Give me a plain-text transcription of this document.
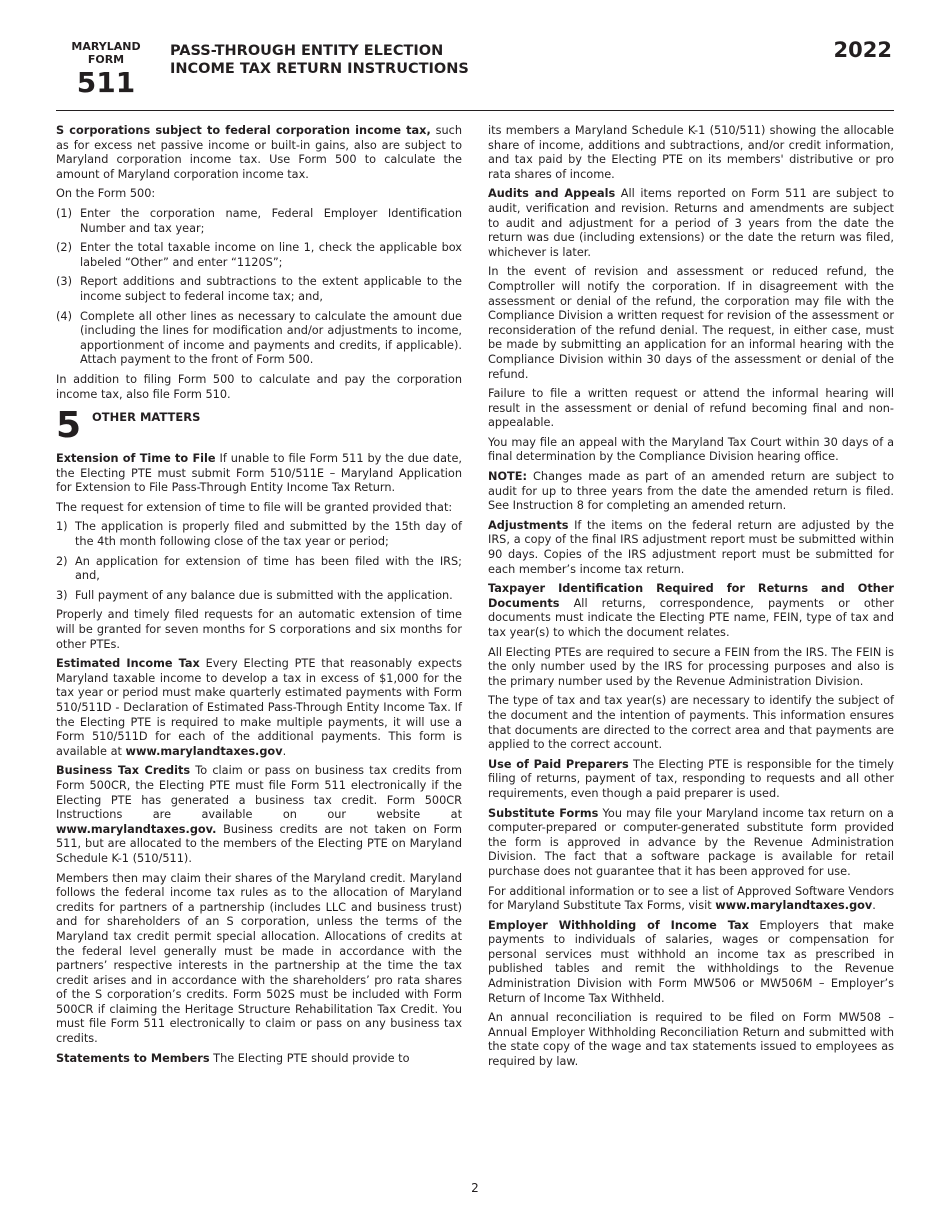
MARYLAND
FORM
511
PASS-THROUGH ENTITY ELECTION
INCOME TAX RETURN INSTRUCTIONS
2022

S corporations subject to federal corporation income tax, such as for excess net passive income or built-in gains, also are subject to Maryland corporation income tax. Use Form 500 to calculate the amount of Maryland corporation income tax.

On the Form 500:

(1) Enter the corporation name, Federal Employer Identification Number and tax year;
(2) Enter the total taxable income on line 1, check the applicable box labeled “Other” and enter “1120S”;
(3) Report additions and subtractions to the extent applicable to the income subject to federal income tax; and,
(4) Complete all other lines as necessary to calculate the amount due (including the lines for modification and/or adjustments to income, apportionment of income and payments and credits, if applicable). Attach payment to the front of Form 500.

In addition to filing Form 500 to calculate and pay the corporation income tax, also file Form 510.

5 OTHER MATTERS

Extension of Time to File If unable to file Form 511 by the due date, the Electing PTE must submit Form 510/511E – Maryland Application for Extension to File Pass-Through Entity Income Tax Return.

The request for extension of time to file will be granted provided that:

1) The application is properly filed and submitted by the 15th day of the 4th month following close of the tax year or period;
2) An application for extension of time has been filed with the IRS; and,
3) Full payment of any balance due is submitted with the application.

Properly and timely filed requests for an automatic extension of time will be granted for seven months for S corporations and six months for other PTEs.

Estimated Income Tax Every Electing PTE that reasonably expects Maryland taxable income to develop a tax in excess of $1,000 for the tax year or period must make quarterly estimated payments with Form 510/511D - Declaration of Estimated Pass-Through Entity Income Tax. If the Electing PTE is required to make multiple payments, it will use a Form 510/511D for each of the additional payments. This form is available at www.marylandtaxes.gov.

Business Tax Credits To claim or pass on business tax credits from Form 500CR, the Electing PTE must file Form 511 electronically if the Electing PTE has generated a business tax credit. Form 500CR Instructions are available on our website at www.marylandtaxes.gov. Business credits are not taken on Form 511, but are allocated to the members of the Electing PTE on Maryland Schedule K-1 (510/511).

Members then may claim their shares of the Maryland credit. Maryland follows the federal income tax rules as to the allocation of Maryland credits for partners of a partnership (includes LLC and business trust) and for shareholders of an S corporation, unless the terms of the Maryland tax credit permit special allocation. Allocations of credits at the federal level generally must be made in accordance with the partners’ respective interests in the partnership at the time the tax credit arises and in accordance with the shareholders’ pro rata shares of the S corporation’s credits. Form 502S must be included with Form 500CR if claiming the Heritage Structure Rehabilitation Tax Credit. You must file Form 511 electronically to claim or pass on any business tax credits.

Statements to Members The Electing PTE should provide to

its members a Maryland Schedule K-1 (510/511) showing the allocable share of income, additions and subtractions, and/or credit information, and tax paid by the Electing PTE on its members' distributive or pro rata shares of income.

Audits and Appeals All items reported on Form 511 are subject to audit, verification and revision. Returns and amendments are subject to audit and adjustment for a period of 3 years from the date the return was due (including extensions) or the date the return was filed, whichever is later.

In the event of revision and assessment or reduced refund, the Comptroller will notify the corporation. If in disagreement with the assessment or denial of the refund, the corporation may file with the Compliance Division a written request for revision of the assessment or reconsideration of the refund denial. The request, in either case, must be made by submitting an application for an informal hearing with the Compliance Division within 30 days of the assessment or denial of the refund.

Failure to file a written request or attend the informal hearing will result in the assessment or denial of refund becoming final and non-appealable.

You may file an appeal with the Maryland Tax Court within 30 days of a final determination by the Compliance Division hearing office.

NOTE: Changes made as part of an amended return are subject to audit for up to three years from the date the amended return is filed. See Instruction 8 for completing an amended return.

Adjustments If the items on the federal return are adjusted by the IRS, a copy of the final IRS adjustment report must be submitted within 90 days. Copies of the IRS adjustment report must be submitted for each member’s income tax return.

Taxpayer Identification Required for Returns and Other Documents All returns, correspondence, payments or other documents must indicate the Electing PTE name, FEIN, type of tax and tax year(s) to which the document relates.

All Electing PTEs are required to secure a FEIN from the IRS. The FEIN is the only number used by the IRS for processing purposes and also is the primary number used by the Revenue Administration Division.

The type of tax and tax year(s) are necessary to identify the subject of the document and the intention of payments. This information ensures that documents are directed to the correct area and that payments are applied to the correct account.

Use of Paid Preparers The Electing PTE is responsible for the timely filing of returns, payment of tax, responding to requests and all other requirements, even though a paid preparer is used.

Substitute Forms You may file your Maryland income tax return on a computer-prepared or computer-generated substitute form provided the form is approved in advance by the Revenue Administration Division. The fact that a software package is available for retail purchase does not guarantee that it has been approved for use.

For additional information or to see a list of Approved Software Vendors for Maryland Substitute Tax Forms, visit www.marylandtaxes.gov.

Employer Withholding of Income Tax Employers that make payments to individuals of salaries, wages or compensation for personal services must withhold an income tax as prescribed in published tables and remit the withholdings to the Revenue Administration Division with Form MW506 or MW506M – Employer’s Return of Income Tax Withheld.

An annual reconciliation is required to be filed on Form MW508 – Annual Employer Withholding Reconciliation Return and submitted with the state copy of the wage and tax statements issued to employees as required by law.

2
